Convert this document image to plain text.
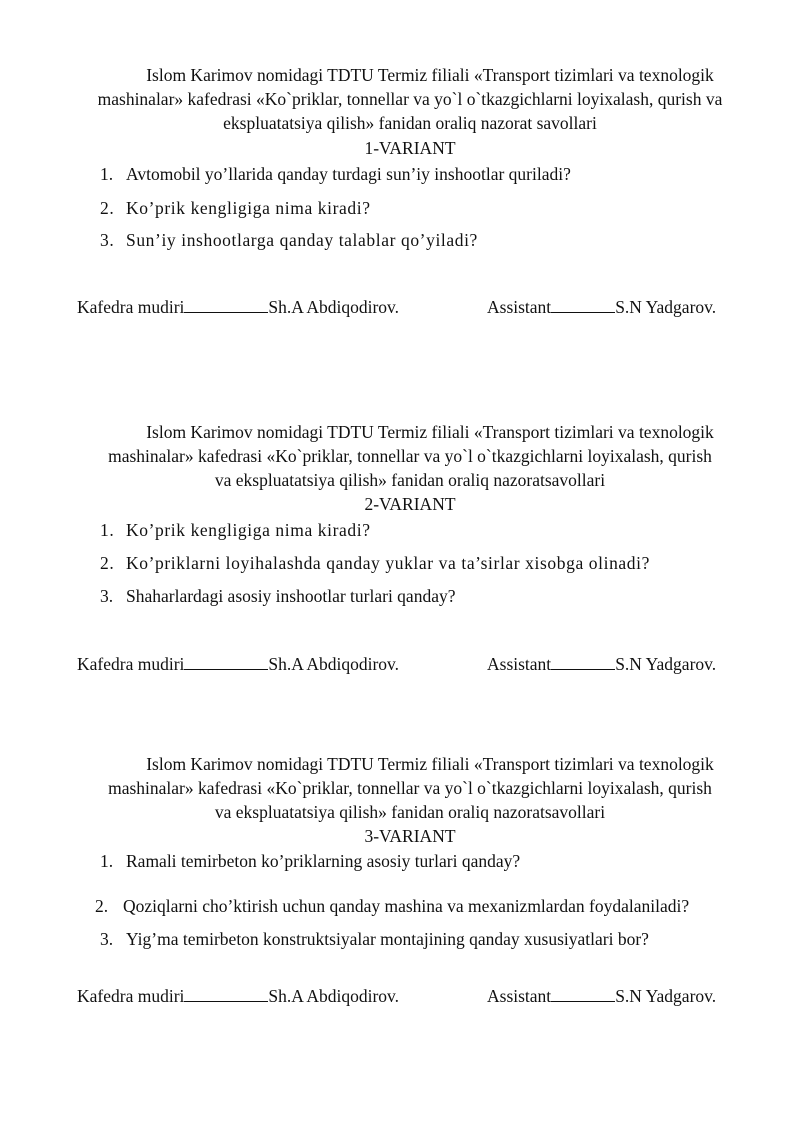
Islom Karimov nomidagi TDTU Termiz filiali «Transport tizimlari va texnologik
mashinalar» kafedrasi «Ko`priklar, tonnellar va yo`l o`tkazgichlarni loyixalash, qurish va
ekspluatatsiya qilish» fanidan oraliq nazorat savollari
1-VARIANT
1. Avtomobil yo’llarida qanday turdagi sun’iy inshootlar quriladi?
2. Ko’prik kengligiga nima kiradi?
3. Sun’iy inshootlarga qanday talablar qo’yiladi?
Kafedra mudiri	Sh.A Abdiqodirov.	Assistant	S.N Yadgarov.
Islom Karimov nomidagi TDTU Termiz filiali «Transport tizimlari va texnologik
mashinalar» kafedrasi «Ko`priklar, tonnellar va yo`l o`tkazgichlarni loyixalash, qurish
va ekspluatatsiya qilish» fanidan oraliq nazoratsavollari
2-VARIANT
1. Ko’prik kengligiga nima kiradi?
2. Ko’priklarni loyihalashda qanday yuklar va ta’sirlar xisobga olinadi?
3. Shaharlardagi asosiy inshootlar turlari qanday?
Kafedra mudiri	Sh.A Abdiqodirov.	Assistant	S.N Yadgarov.
Islom Karimov nomidagi TDTU Termiz filiali «Transport tizimlari va texnologik
mashinalar» kafedrasi «Ko`priklar, tonnellar va yo`l o`tkazgichlarni loyixalash, qurish
va ekspluatatsiya qilish» fanidan oraliq nazoratsavollari
3-VARIANT
1. Ramali temirbeton ko’priklarning asosiy turlari qanday?
2. Qoziqlarni cho’ktirish uchun qanday mashina va mexanizmlardan foydalaniladi?
3. Yig’ma temirbeton konstruktsiyalar montajining qanday xususiyatlari bor?
Kafedra mudiri	Sh.A Abdiqodirov.	Assistant	S.N Yadgarov.
